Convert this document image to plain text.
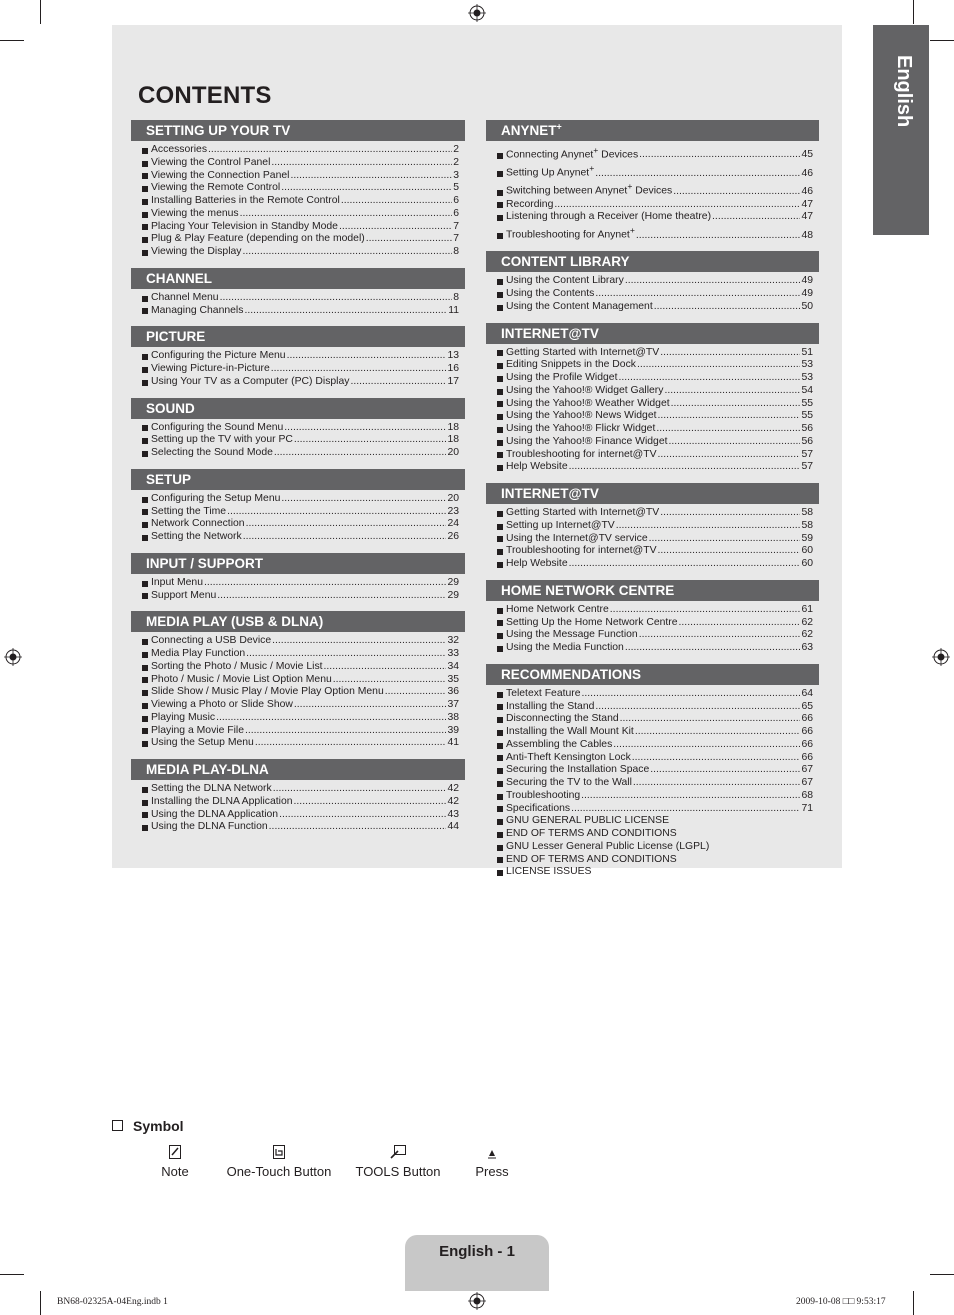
English
CONTENTS
SETTING UP YOUR TV
Accessories .....	2
Viewing the Control Panel .....	2
Viewing the Connection Panel .....	3
Viewing the Remote Control .....	5
Installing Batteries in the Remote Control .....	6
Viewing the menus .....	6
Placing Your Television in Standby Mode .....	7
Plug & Play Feature (depending on the model) .....	7
Viewing the Display .....	8
CHANNEL
Channel Menu .....	8
Managing Channels .....	11
PICTURE
Configuring the Picture Menu .....	13
Viewing Picture-in-Picture .....	16
Using Your TV as a Computer (PC) Display .....	17
SOUND
Configuring the Sound Menu .....	18
Setting up the TV with your PC .....	18
Selecting the Sound Mode .....	20
SETUP
Configuring the Setup Menu .....	20
Setting the Time .....	23
Network Connection .....	24
Setting the Network .....	26
INPUT / SUPPORT
Input Menu .....	29
Support Menu .....	29
MEDIA PLAY (USB & DLNA)
Connecting a USB Device .....	32
Media Play Function .....	33
Sorting the Photo / Music / Movie List .....	34
Photo / Music / Movie List Option Menu .....	35
Slide Show / Music Play / Movie Play Option Menu .....	36
Viewing a Photo or Slide Show .....	37
Playing Music .....	38
Playing a Movie File .....	39
Using the Setup Menu .....	41
MEDIA PLAY-DLNA
Setting the DLNA Network .....	42
Installing the DLNA Application .....	42
Using the DLNA Application .....	43
Using the DLNA Function .....	44
ANYNET+
Connecting Anynet+ Devices .....	45
Setting Up Anynet+ .....	46
Switching between Anynet+ Devices .....	46
Recording .....	47
Listening through a Receiver (Home theatre) .....	47
Troubleshooting for Anynet+ .....	48
CONTENT LIBRARY
Using the Content Library .....	49
Using the Contents .....	49
Using the Content Management .....	50
INTERNET@TV
Getting Started with Internet@TV .....	51
Editing Snippets in the Dock .....	53
Using the Profile Widget .....	53
Using the Yahoo!® Widget Gallery .....	54
Using the Yahoo!® Weather Widget .....	55
Using the Yahoo!® News Widget .....	55
Using the Yahoo!® Flickr Widget .....	56
Using the Yahoo!® Finance Widget .....	56
Troubleshooting for internet@TV .....	57
Help Website .....	57
INTERNET@TV
Getting Started with Internet@TV .....	58
Setting up Internet@TV .....	58
Using the Internet@TV service .....	59
Troubleshooting for internet@TV .....	60
Help Website .....	60
HOME NETWORK CENTRE
Home Network Centre .....	61
Setting Up the Home Network Centre .....	62
Using the Message Function .....	62
Using the Media Function .....	63
RECOMMENDATIONS
Teletext Feature .....	64
Installing the Stand .....	65
Disconnecting the Stand .....	66
Installing the Wall Mount Kit .....	66
Assembling the Cables .....	66
Anti-Theft Kensington Lock .....	66
Securing the Installation Space .....	67
Securing the TV to the Wall .....	67
Troubleshooting .....	68
Specifications .....	71
GNU GENERAL PUBLIC LICENSE
END OF TERMS AND CONDITIONS
GNU Lesser General Public License (LGPL)
END OF TERMS AND CONDITIONS
LICENSE ISSUES
Symbol
Note	One-Touch Button TOOLS Button	Press
English - 1
BN68-02325A-04Eng.indb 1	2009-10-08 □□ 9:53:17
